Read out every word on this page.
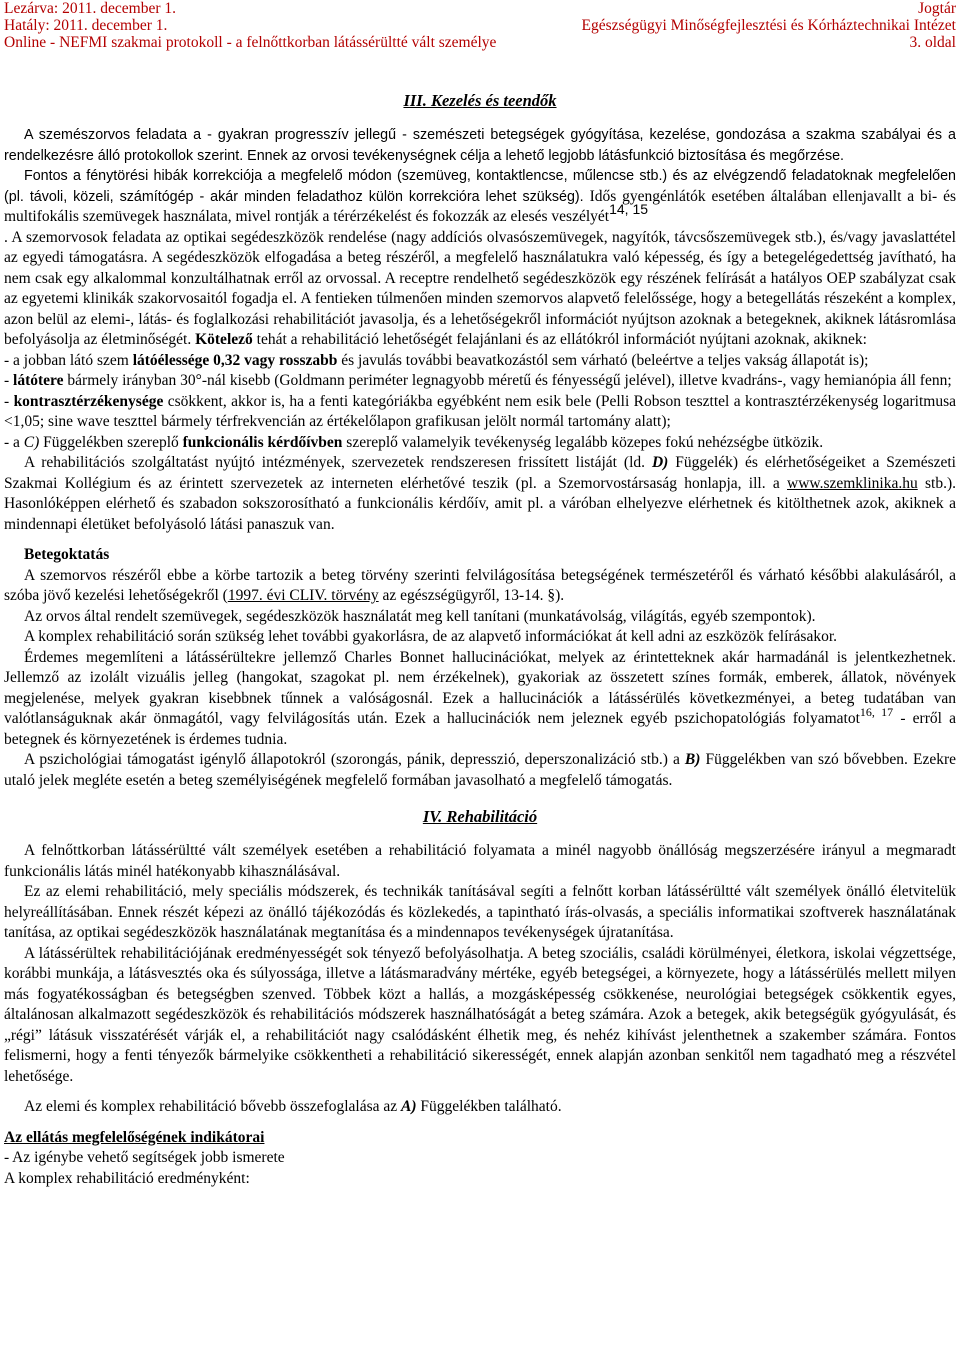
Lezárva: 2011. december 1.	Jogtár
Hatály: 2011. december 1.	Egészségügyi Minőségfejlesztési és Kórháztechnikai Intézet
Online - NEFMI szakmai protokoll - a felnőttkorban látássérültté vált személye	3. oldal
III. Kezelés és teendők

A szemészorvos feladata a - gyakran progresszív jellegű - szemészeti betegségek gyógyítása, kezelése, gondozása a szakma szabályai és a rendelkezésre álló protokollok szerint. Ennek az orvosi tevékenységnek célja a lehető legjobb látásfunkció biztosítása és megőrzése.

Fontos a fénytörési hibák korrekciója a megfelelő módon (szemüveg, kontaktlencse, műlencse stb.) és az elvégzendő feladatoknak megfelelően (pl. távoli, közeli, számítógép - akár minden feladathoz külön korrekcióra lehet szükség). Idős gyengénlátók esetében általában ellenjavallt a bi- és multifokális szemüvegek használata, mivel rontják a térérzékelést és fokozzák az elesés veszélyét14, 15

. A szemorvosok feladata az optikai segédeszközök rendelése (nagy addíciós olvasószemüvegek, nagyítók, távcsőszemüvegek stb.), és/vagy javaslattétel az egyedi támogatásra. A segédeszközök elfogadása a beteg részéről, a megfelelő használatukra való képesség, és így a betegelégedettség javítható, ha nem csak egy alkalommal konzultálhatnak erről az orvossal. A receptre rendelhető segédeszközök egy részének felírását a hatályos OEP szabályzat csak az egyetemi klinikák szakorvosaitól fogadja el. A fentieken túlmenően minden szemorvos alapvető felelőssége, hogy a betegellátás részeként a komplex, azon belül az elemi-, látás- és foglalkozási rehabilitációt javasolja, és a lehetőségekről információt nyújtson azoknak a betegeknek, akiknek látásromlása befolyásolja az életminőségét. Kötelező tehát a rehabilitáció lehetőségét felajánlani és az ellátókról információt nyújtani azoknak, akiknek:

- a jobban látó szem látóélessége 0,32 vagy rosszabb és javulás további beavatkozástól sem várható (beleértve a teljes vakság állapotát is);

- látótere bármely irányban 30°-nál kisebb (Goldmann periméter legnagyobb méretű és fényességű jelével), illetve kvadráns-, vagy hemianópia áll fenn;

- kontrasztérzékenysége csökkent, akkor is, ha a fenti kategóriákba egyébként nem esik bele (Pelli Robson teszttel a kontrasztérzékenység logaritmusa <1,05; sine wave teszttel bármely térfrekvencián az értékelőlapon grafikusan jelölt normál tartomány alatt);

- a C) Függelékben szereplő funkcionális kérdőívben szereplő valamelyik tevékenység legalább közepes fokú nehézségbe ütközik.

A rehabilitációs szolgáltatást nyújtó intézmények, szervezetek rendszeresen frissített listáját (ld. D) Függelék) és elérhetőségeiket a Szemészeti Szakmai Kollégium és az érintett szervezetek az interneten elérhetővé teszik (pl. a Szemorvostársaság honlapja, ill. a www.szemklinika.hu stb.). Hasonlóképpen elérhető és szabadon sokszorosítható a funkcionális kérdőív, amit pl. a váróban elhelyezve elérhetnek és kitölthetnek azok, akiknek a mindennapi életüket befolyásoló látási panaszuk van.

Betegoktatás

A szemorvos részéről ebbe a körbe tartozik a beteg törvény szerinti felvilágosítása betegségének természetéről és várható későbbi alakulásáról, a szóba jövő kezelési lehetőségekről (1997. évi CLIV. törvény az egészségügyről, 13-14. §).

Az orvos által rendelt szemüvegek, segédeszközök használatát meg kell tanítani (munkatávolság, világítás, egyéb szempontok).

A komplex rehabilitáció során szükség lehet további gyakorlásra, de az alapvető információkat át kell adni az eszközök felírásakor.

Érdemes megemlíteni a látássérültekre jellemző Charles Bonnet hallucinációkat, melyek az érintetteknek akár harmadánál is jelentkezhetnek. Jellemző az izolált vizuális jelleg (hangokat, szagokat pl. nem érzékelnek), gyakoriak az összetett színes formák, emberek, állatok, növények megjelenése, melyek gyakran kisebbnek tűnnek a valóságosnál. Ezek a hallucinációk a látássérülés következményei, a beteg tudatában van valótlanságuknak akár önmagától, vagy felvilágosítás után. Ezek a hallucinációk nem jeleznek egyéb pszichopatológiás folyamatot$^{16, 17}$ - erről a betegnek és környezetének is érdemes tudnia.

A pszichológiai támogatást igénylő állapotokról (szorongás, pánik, depresszió, deperszonalizáció stb.) a B) Függelékben van szó bővebben. Ezekre utaló jelek megléte esetén a beteg személyiségének megfelelő formában javasolható a megfelelő támogatás.

IV. Rehabilitáció

A felnőttkorban látássérültté vált személyek esetében a rehabilitáció folyamata a minél nagyobb önállóság megszerzésére irányul a megmaradt funkcionális látás minél hatékonyabb kihasználásával.

Ez az elemi rehabilitáció, mely speciális módszerek, és technikák tanításával segíti a felnőtt korban látássérültté vált személyek önálló életvitelük helyreállításában. Ennek részét képezi az önálló tájékozódás és közlekedés, a tapintható írás-olvasás, a speciális informatikai szoftverek használatának tanítása, az optikai segédeszközök használatának megtanítása és a mindennapos tevékenységek újratanítása.

A látássérültek rehabilitációjának eredményességét sok tényező befolyásolhatja. A beteg szociális, családi körülményei, életkora, iskolai végzettsége, korábbi munkája, a látásvesztés oka és súlyossága, illetve a látásmaradvány mértéke, egyéb betegségei, a környezete, hogy a látássérülés mellett milyen más fogyatékosságban és betegségben szenved. Többek közt a hallás, a mozgásképesség csökkenése, neurológiai betegségek csökkentik egyes, általánosan alkalmazott segédeszközök és rehabilitációs módszerek használhatóságát a beteg számára. Azok a betegek, akik betegségük gyógyulását, és „régi” látásuk visszatérését várják el, a rehabilitációt nagy csalódásként élhetik meg, és nehéz kihívást jelenthetnek a szakember számára. Fontos felismerni, hogy a fenti tényezők bármelyike csökkentheti a rehabilitáció sikerességét, ennek alapján azonban senkitől nem tagadható meg a részvétel lehetősége.

Az elemi és komplex rehabilitáció bővebb összefoglalása az A) Függelékben található.

Az ellátás megfelelőségének indikátorai

- Az igénybe vehető segítségek jobb ismerete

A komplex rehabilitáció eredményként:
